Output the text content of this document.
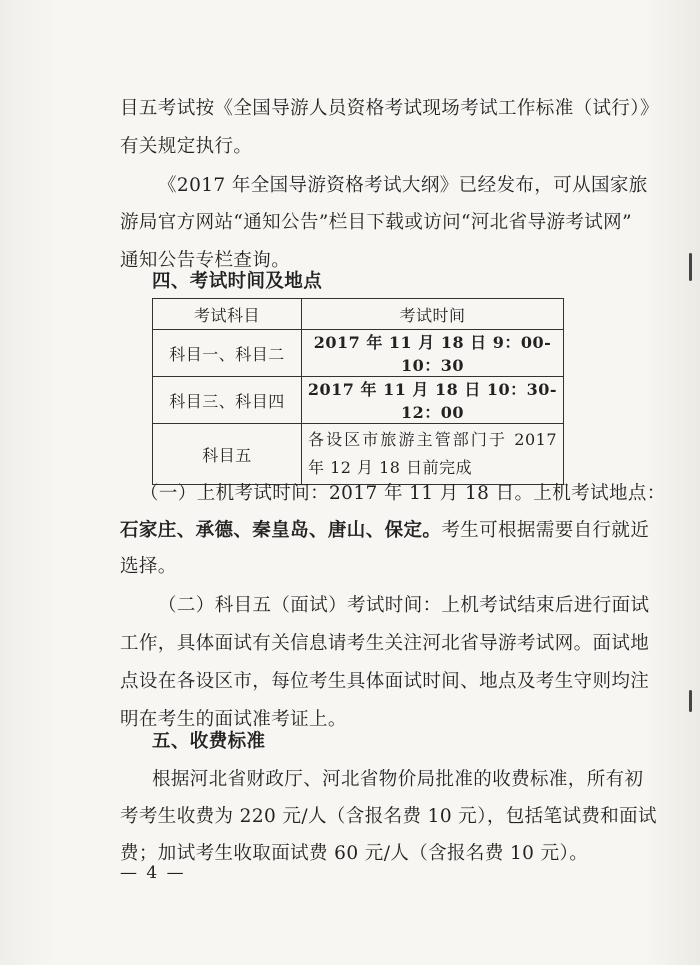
目五考试按《全国导游人员资格考试现场考试工作标准（试行）》
有关规定执行。
《2017 年全国导游资格考试大纲》已经发布，可从国家旅
游局官方网站“通知公告”栏目下载或访问“河北省导游考试网”
通知公告专栏查询。
四、考试时间及地点
考试科目	考试时间
科目一、科目二	2017 年 11 月 18 日 9：00-10：30
科目三、科目四	2017 年 11 月 18 日 10：30-12：00
科目五	各设区市旅游主管部门于 2017
年 12 月 18 日前完成
（一）上机考试时间：2017 年 11 月 18 日。上机考试地点：
石家庄、承德、秦皇岛、唐山、保定。考生可根据需要自行就近
选择。
（二）科目五（面试）考试时间：上机考试结束后进行面试
工作，具体面试有关信息请考生关注河北省导游考试网。面试地
点设在各设区市，每位考生具体面试时间、地点及考生守则均注
明在考生的面试准考证上。
五、收费标准
根据河北省财政厅、河北省物价局批准的收费标准，所有初
考考生收费为 220 元/人（含报名费 10 元），包括笔试费和面试
费；加试考生收取面试费 60 元/人（含报名费 10 元）。
— 4 —
